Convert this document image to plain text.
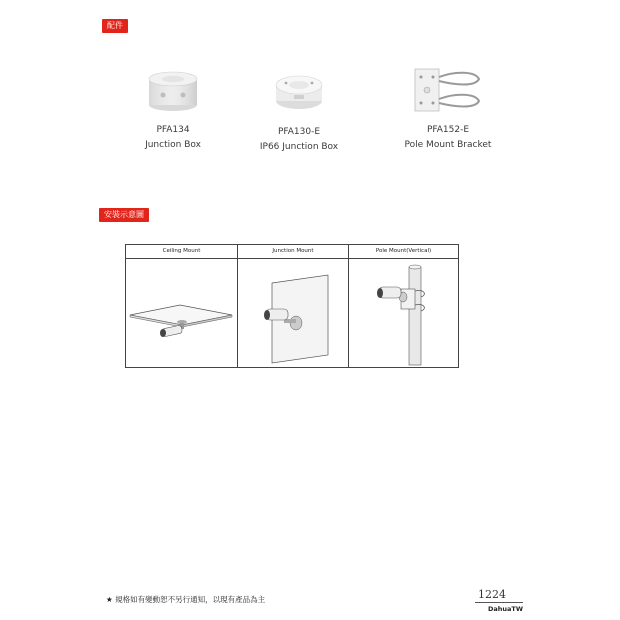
配件
PFA134
Junction Box
PFA130-E
IP66 Junction Box
PFA152-E
Pole Mount Bracket
安裝示意圖
Ceiling Mount	Junction Mount	Pole Mount(Vertical)
★ 規格如有變動恕不另行通知，以現有產品為主	1224
DahuaTW
